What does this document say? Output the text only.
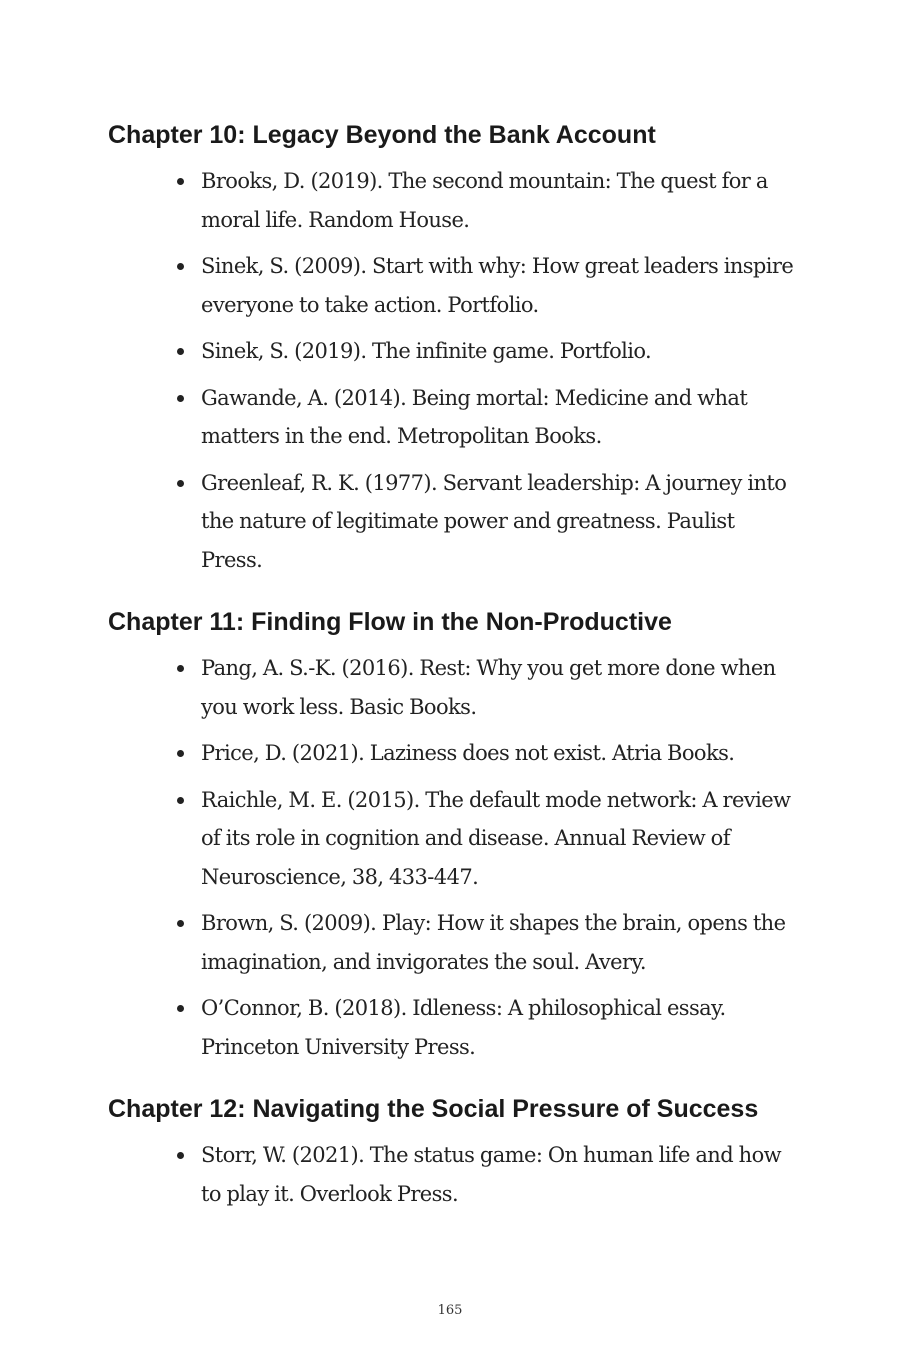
Chapter 10: Legacy Beyond the Bank Account
Brooks, D. (2019). The second mountain: The quest for a moral life. Random House.
Sinek, S. (2009). Start with why: How great leaders inspire everyone to take action. Portfolio.
Sinek, S. (2019). The infinite game. Portfolio.
Gawande, A. (2014). Being mortal: Medicine and what matters in the end. Metropolitan Books.
Greenleaf, R. K. (1977). Servant leadership: A journey into the nature of legitimate power and greatness. Paulist Press.
Chapter 11: Finding Flow in the Non-Productive
Pang, A. S.-K. (2016). Rest: Why you get more done when you work less. Basic Books.
Price, D. (2021). Laziness does not exist. Atria Books.
Raichle, M. E. (2015). The default mode network: A review of its role in cognition and disease. Annual Review of Neuroscience, 38, 433-447.
Brown, S. (2009). Play: How it shapes the brain, opens the imagination, and invigorates the soul. Avery.
O’Connor, B. (2018). Idleness: A philosophical essay. Princeton University Press.
Chapter 12: Navigating the Social Pressure of Success
Storr, W. (2021). The status game: On human life and how to play it. Overlook Press.
165
